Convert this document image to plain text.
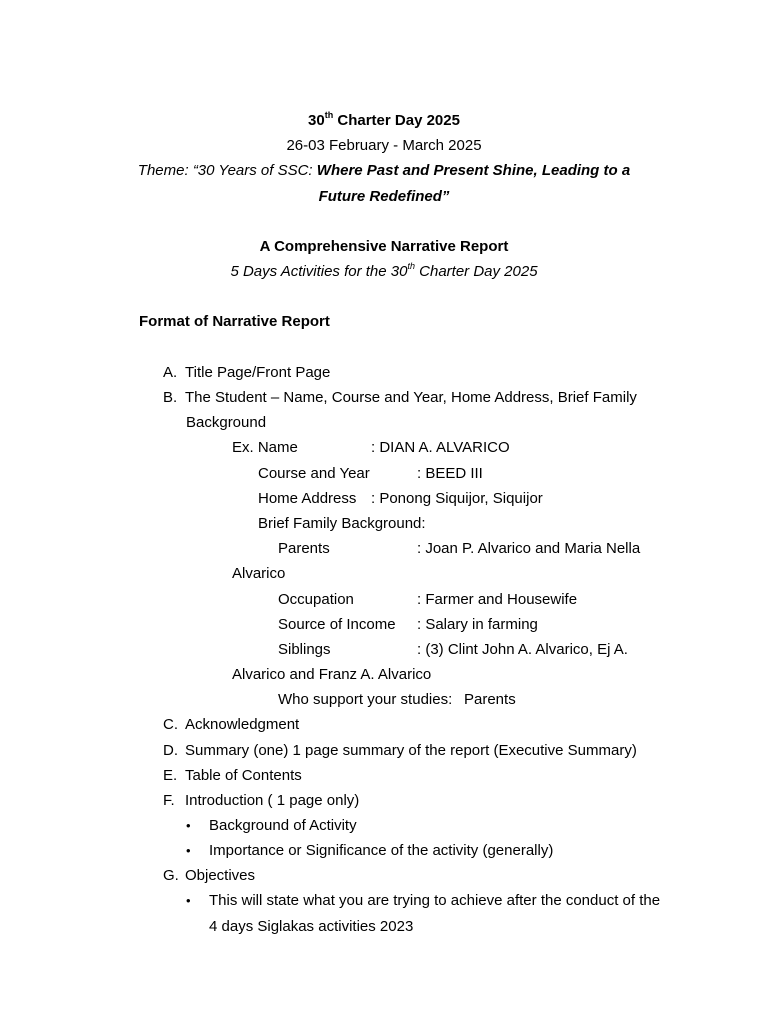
30th Charter Day 2025
26-03 February - March 2025
Theme: “30 Years of SSC: Where Past and Present Shine, Leading to a
Future Redefined”
A Comprehensive Narrative Report
5 Days Activities for the 30th Charter Day 2025
Format of Narrative Report
A. Title Page/Front Page
B. The Student – Name, Course and Year, Home Address, Brief Family
Background
Ex. Name	: DIAN A. ALVARICO
Course and Year	: BEED III
Home Address : Ponong Siquijor, Siquijor
Brief Family Background:
Parents	: Joan P. Alvarico and Maria Nella
Alvarico
Occupation	: Farmer and Housewife
Source of Income : Salary in farming
Siblings	: (3) Clint John A. Alvarico, Ej A.
Alvarico and Franz A. Alvarico
Who support your studies: Parents
C. Acknowledgment
D. Summary (one) 1 page summary of the report (Executive Summary)
E. Table of Contents
F. Introduction ( 1 page only)
• Background of Activity
• Importance or Significance of the activity (generally)
G. Objectives
• This will state what you are trying to achieve after the conduct of the
4 days Siglakas activities 2023
